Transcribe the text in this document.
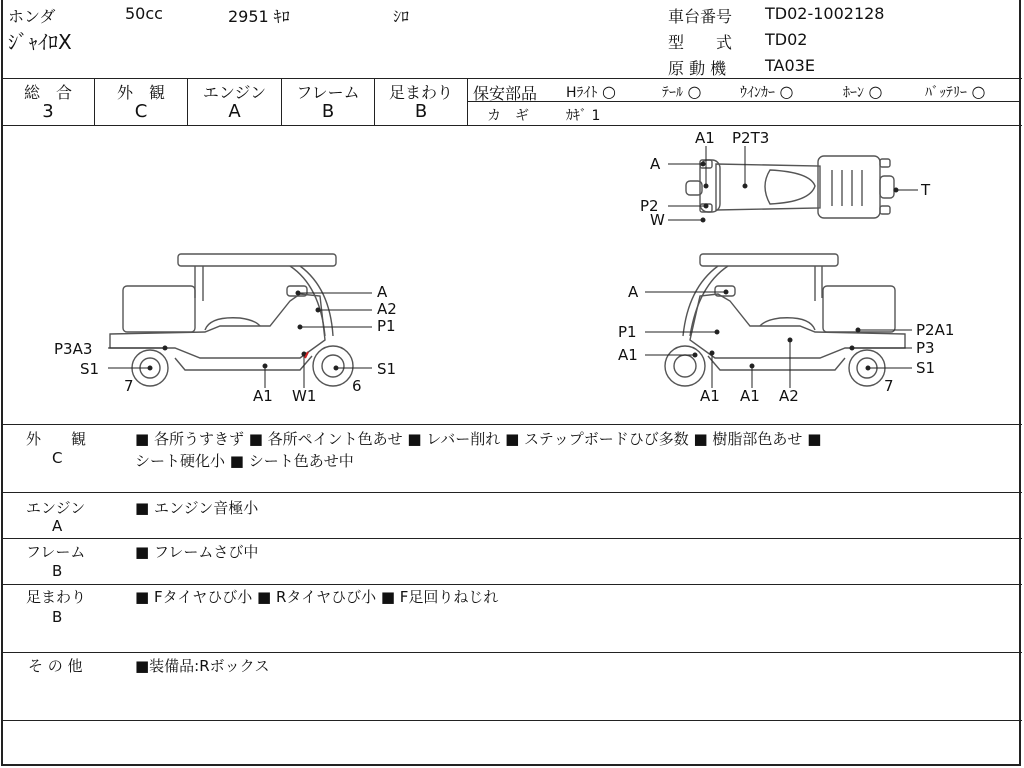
ホンダ	50cc	2951 ｷﾛ	ｼﾛ
ｼﾞｬｲﾛX
車台番号 TD02-1002128
型　　式 TD02
原 動 機 TA03E
総　合
3
外　観
C
エンジン
A
フレーム
B
足まわり
B
保安部品 Hﾗｲﾄ ○	ﾃｰﾙ ○	ｳｲﾝｶｰ ○	ﾎｰﾝ ○	ﾊﾞｯﾃﾘｰ ○
カ　ギ	ｶｷﾞ 1
A
A2
P1
P3A3
S1	S1
7	6
A1 W1
A
P1
A1
P2A1
P3
S1
7
A1 A1 A2
A1 P2T3
A
P2
W
T
外　　観
C
■ 各所うすきず ■ 各所ペイント色あせ ■ レバー削れ ■ ステップボードひび多数 ■ 樹脂部色あせ ■
シート硬化小 ■ シート色あせ中
エンジン
A
■ エンジン音極小
フレーム
B
■ フレームさび中
足まわり
B
■ Fタイヤひび小 ■ Rタイヤひび小 ■ F足回りねじれ
そ の 他	■装備品:Rボックス
